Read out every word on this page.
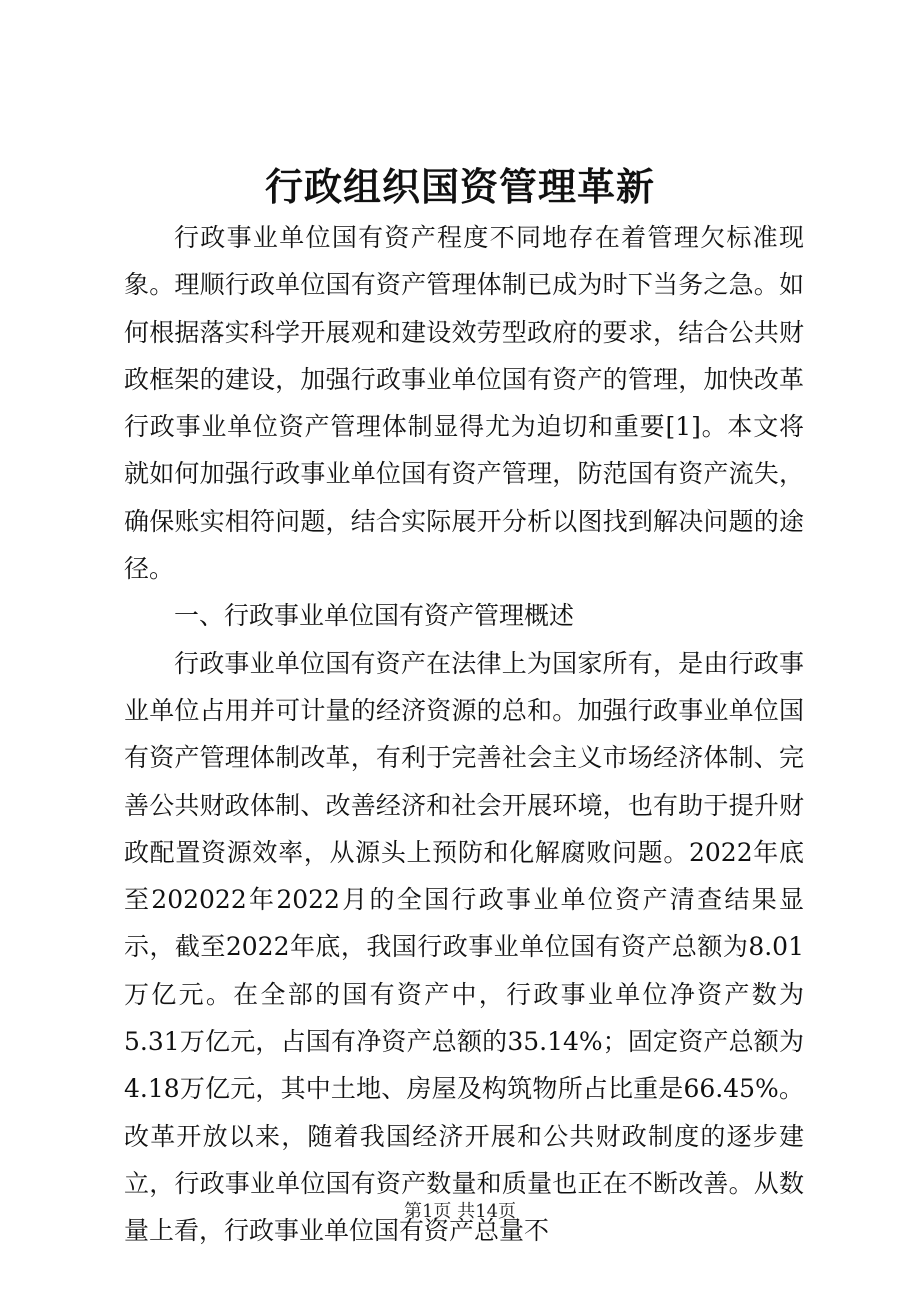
行政组织国资管理革新

行政事业单位国有资产程度不同地存在着管理欠标准现象。理顺行政单位国有资产管理体制已成为时下当务之急。如何根据落实科学开展观和建设效劳型政府的要求，结合公共财政框架的建设，加强行政事业单位国有资产的管理，加快改革行政事业单位资产管理体制显得尤为迫切和重要[1]。本文将就如何加强行政事业单位国有资产管理，防范国有资产流失，确保账实相符问题，结合实际展开分析以图找到解决问题的途径。

一、行政事业单位国有资产管理概述

行政事业单位国有资产在法律上为国家所有，是由行政事业单位占用并可计量的经济资源的总和。加强行政事业单位国有资产管理体制改革，有利于完善社会主义市场经济体制、完善公共财政体制、改善经济和社会开展环境，也有助于提升财政配置资源效率，从源头上预防和化解腐败问题。2022年底至202022年2022月的全国行政事业单位资产清查结果显示，截至2022年底，我国行政事业单位国有资产总额为8.01万亿元。在全部的国有资产中，行政事业单位净资产数为5.31万亿元，占国有净资产总额的35.14%；固定资产总额为4.18万亿元，其中土地、房屋及构筑物所占比重是66.45%。改革开放以来，随着我国经济开展和公共财政制度的逐步建立，行政事业单位国有资产数量和质量也正在不断改善。从数量上看，行政事业单位国有资产总量不

第1页 共14页
